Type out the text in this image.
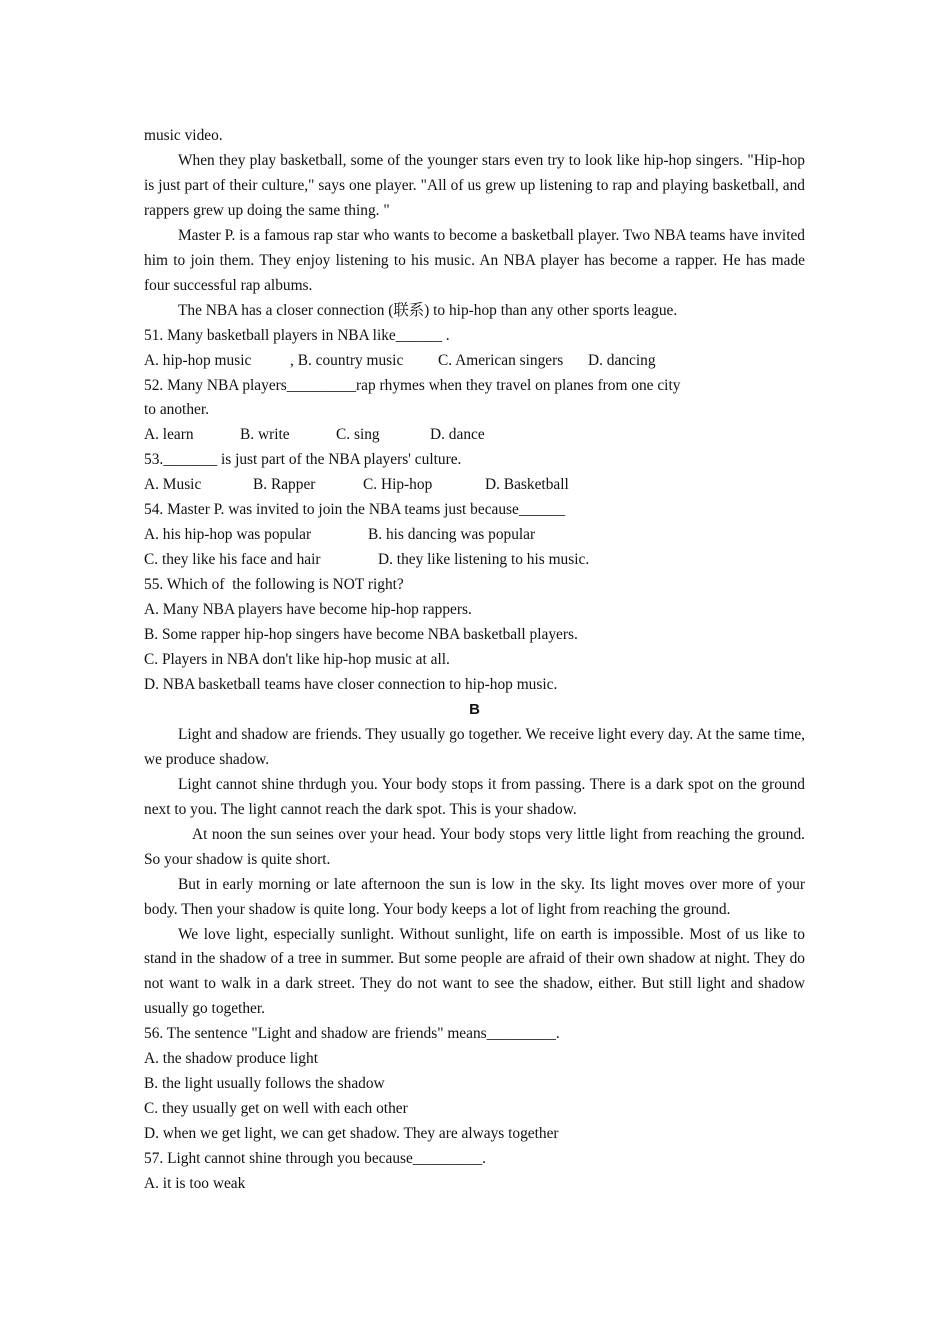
music video.

When they play basketball, some of the younger stars even try to look like hip-hop singers. "Hip-hop is just part of their culture," says one player. "All of us grew up listening to rap and playing basketball, and rappers grew up doing the same thing. "

Master P. is a famous rap star who wants to become a basketball player. Two NBA teams have invited him to join them. They enjoy listening to his music. An NBA player has become a rapper. He has made four successful rap albums.

The NBA has a closer connection (联系) to hip-hop than any other sports league.

51. Many basketball players in NBA like______ .

A. hip-hop music	, B. country music	C. American singers	D. dancing

52. Many NBA players_________rap rhymes when they travel on planes from one city

to another.

A. learn	B. write	C. sing	D. dance

53._______ is just part of the NBA players' culture.

A. Music	B. Rapper	C. Hip-hop	D. Basketball

54. Master P. was invited to join the NBA teams just because______

A. his hip-hop was popular	B. his dancing was popular
C. they like his face and hair	D. they like listening to his music.

55. Which of  the following is NOT right?

A. Many NBA players have become hip-hop rappers.

B. Some rapper hip-hop singers have become NBA basketball players.

C. Players in NBA don't like hip-hop music at all.

D. NBA basketball teams have closer connection to hip-hop music.

B

Light and shadow are friends. They usually go together. We receive light every day. At the same time, we produce shadow.

Light cannot shine thrdugh you. Your body stops it from passing. There is a dark spot on the ground next to you. The light cannot reach the dark spot. This is your shadow.

At noon the sun seines over your head. Your body stops very little light from reaching the ground. So your shadow is quite short.

But in early morning or late afternoon the sun is low in the sky. Its light moves over more of your body. Then your shadow is quite long. Your body keeps a lot of light from reaching the ground.

We love light, especially sunlight. Without sunlight, life on earth is impossible. Most of us like to stand in the shadow of a tree in summer. But some people are afraid of their own shadow at night. They do not want to walk in a dark street. They do not want to see the shadow, either. But still light and shadow usually go together.

56. The sentence "Light and shadow are friends" means_________.

A. the shadow produce light

B. the light usually follows the shadow

C. they usually get on well with each other

D. when we get light, we can get shadow. They are always together

57. Light cannot shine through you because_________.

A. it is too weak
